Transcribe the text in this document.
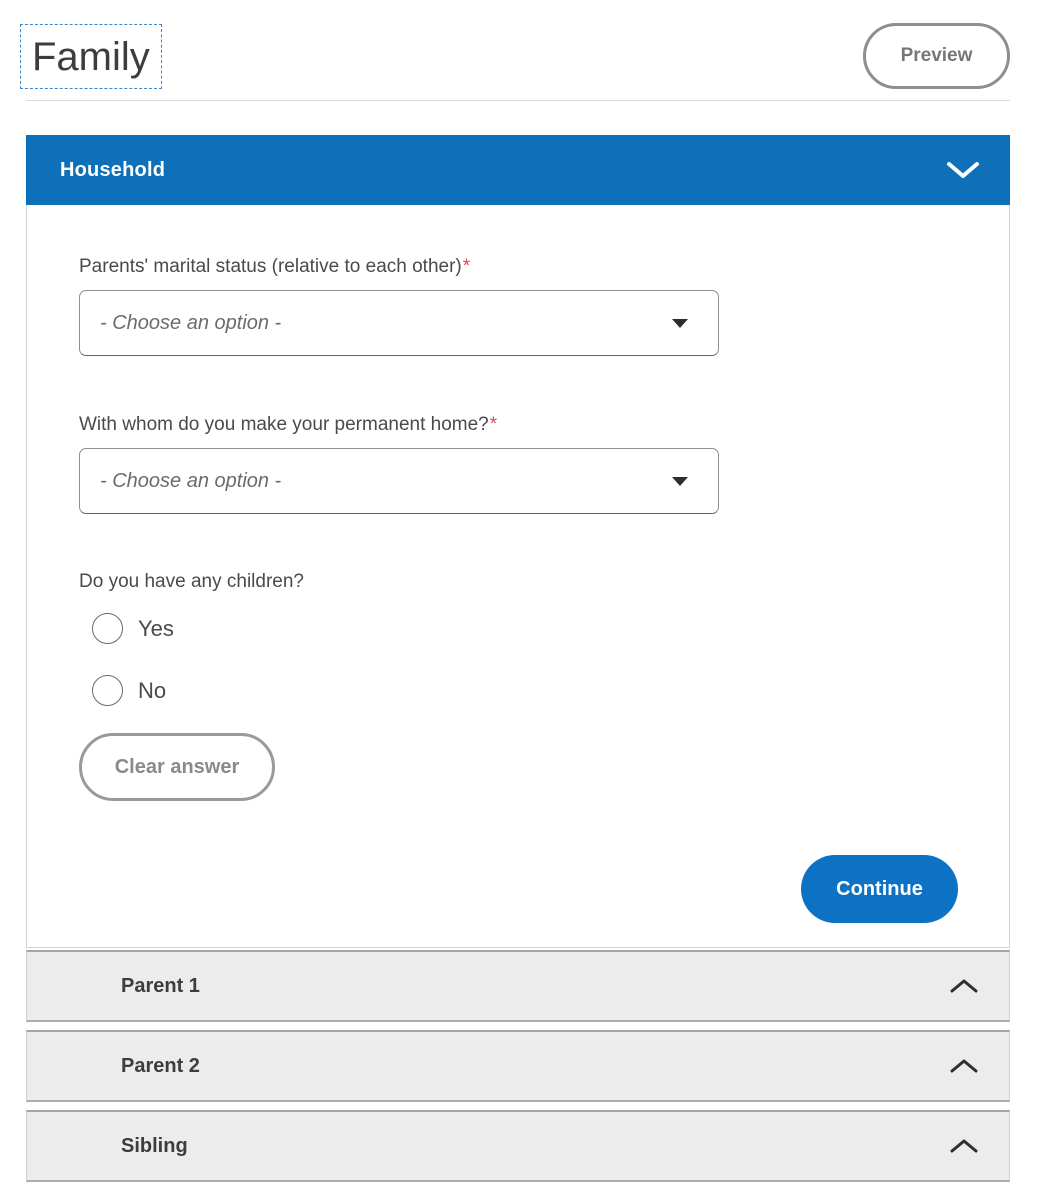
Family	Preview
Household
Parents' marital status (relative to each other)*
- Choose an option -
With whom do you make your permanent home?*
- Choose an option -
Do you have any children?
Yes
No
Clear answer
Continue
Parent 1
Parent 2
Sibling
